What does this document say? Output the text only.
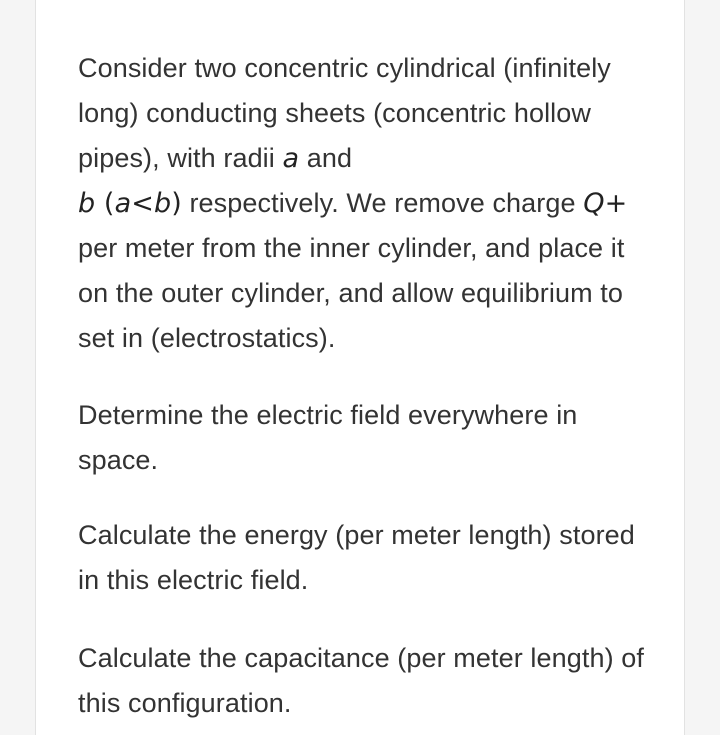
Consider two concentric cylindrical (infinitely long) conducting sheets (concentric hollow pipes), with radii a and
b (a<b) respectively. We remove charge Q+ per meter from the inner cylinder, and place it on the outer cylinder, and allow equilibrium to set in (electrostatics).

Determine the electric field everywhere in space.

Calculate the energy (per meter length) stored in this electric field.

Calculate the capacitance (per meter length) of this configuration.
